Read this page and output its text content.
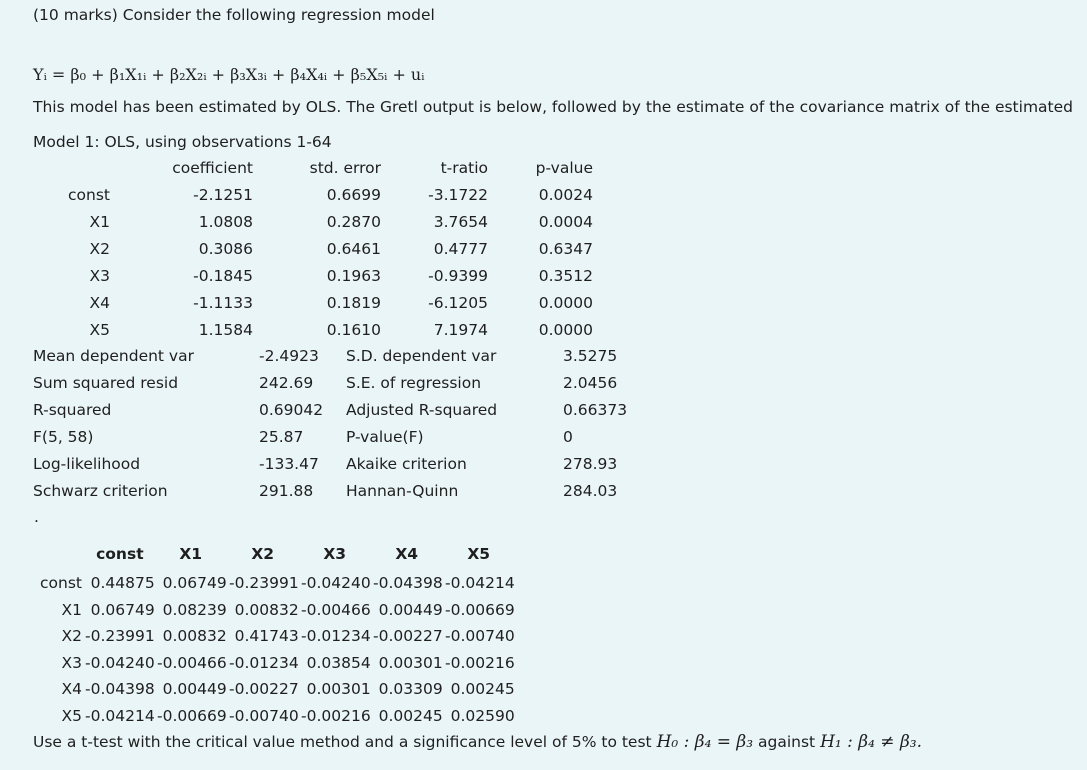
(10 marks) Consider the following regression model
Yᵢ = β₀ + β₁X₁ᵢ + β₂X₂ᵢ + β₃X₃ᵢ + β₄X₄ᵢ + β₅X₅ᵢ + uᵢ
This model has been estimated by OLS. The Gretl output is below, followed by the estimate of the covariance matrix of the estimated
Model 1: OLS, using observations 1-64
coefficient	std. error	t-ratio	p-value
const	-2.1251	0.6699	-3.1722	0.0024
X1	1.0808	0.2870	3.7654	0.0004
X2	0.3086	0.6461	0.4777	0.6347
X3	-0.1845	0.1963	-0.9399	0.3512
X4	-1.1133	0.1819	-6.1205	0.0000
X5	1.1584	0.1610	7.1974	0.0000
Mean dependent var	-2.4923 S.D. dependent var	3.5275
Sum squared resid	242.69 S.E. of regression	2.0456
R-squared	0.69042 Adjusted R-squared	0.66373
F(5, 58)	25.87	P-value(F)	0
Log-likelihood	-133.47 Akaike criterion	278.93
Schwarz criterion	291.88 Hannan-Quinn	284.03
.
	const	X1	X2	X3	X4	X5
const	0.44875	0.06749	-0.23991	-0.04240	-0.04398	-0.04214
X1	0.06749	0.08239	0.00832	-0.00466	0.00449	-0.00669
X2	-0.23991	0.00832	0.41743	-0.01234	-0.00227	-0.00740
X3	-0.04240	-0.00466	-0.01234	0.03854	0.00301	-0.00216
X4	-0.04398	0.00449	-0.00227	0.00301	0.03309	0.00245
X5	-0.04214	-0.00669	-0.00740	-0.00216	0.00245	0.02590
Use a t-test with the critical value method and a significance level of 5% to test H₀ : β₄ = β₃ against H₁ : β₄ ≠ β₃.
